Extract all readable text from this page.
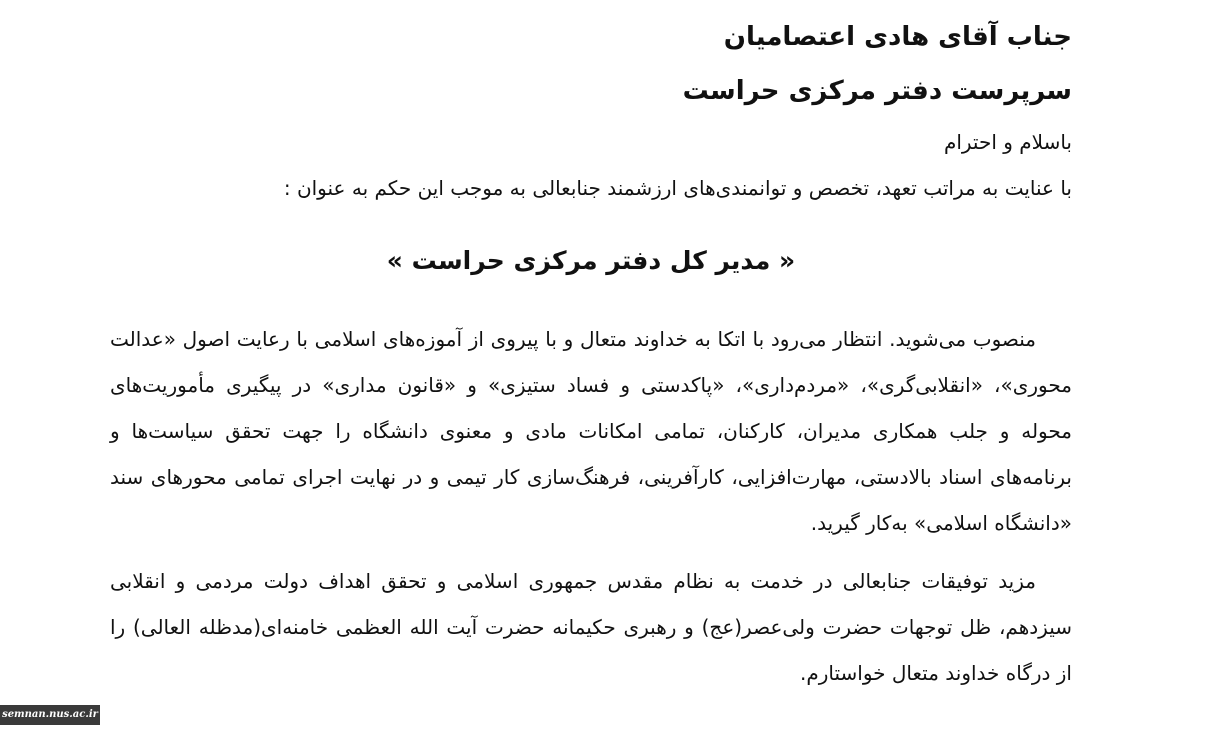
جناب آقای هادی اعتصامیان
سرپرست دفتر مرکزی حراست
باسلام و احترام
با عنایت به مراتب تعهد، تخصص و توانمندی‌های ارزشمند جنابعالی به موجب این حکم به عنوان :
« مدیر کل دفتر مرکزی حراست »

منصوب می‌شوید. انتظار می‌رود با اتکا به خداوند متعال و با پیروی از آموزه‌های اسلامی با رعایت اصول «عدالت محوری»، «انقلابی‌گری»، «مردم‌داری»، «پاکدستی و فساد ستیزی» و «قانون مداری» در پیگیری مأموریت‌های محوله و جلب همکاری مدیران، کارکنان، تمامی امکانات مادی و معنوی دانشگاه را جهت تحقق سیاست‌ها و برنامه‌های اسناد بالادستی، مهارت‌افزایی، کارآفرینی، فرهنگ‌سازی کار تیمی و در نهایت اجرای تمامی محورهای سند «دانشگاه اسلامی» به‌کار گیرید.

مزید توفیقات جنابعالی در خدمت به نظام مقدس جمهوری اسلامی و تحقق اهداف دولت مردمی و انقلابی سیزدهم، ظل توجهات حضرت ولی‌عصر(عج) و رهبری حکیمانه حضرت آیت الله العظمی خامنه‌ای(مدظله العالی) را از درگاه خداوند متعال خواستارم.

semnan.nus.ac.ir
